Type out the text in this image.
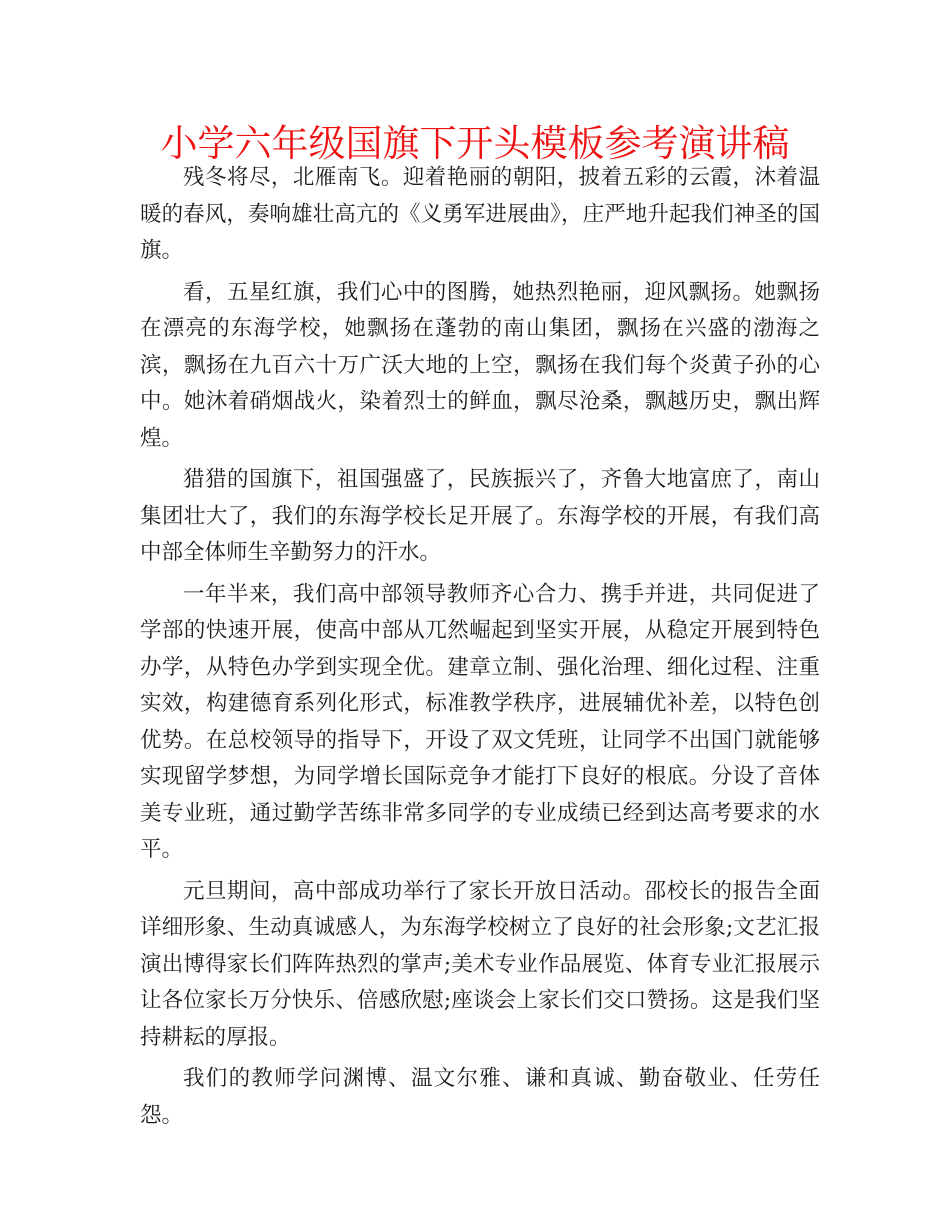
小学六年级国旗下开头模板参考演讲稿

残冬将尽，北雁南飞。迎着艳丽的朝阳，披着五彩的云霞，沐着温暖的春风，奏响雄壮高亢的《义勇军进展曲》，庄严地升起我们神圣的国旗。

看，五星红旗，我们心中的图腾，她热烈艳丽，迎风飘扬。她飘扬在漂亮的东海学校，她飘扬在蓬勃的南山集团，飘扬在兴盛的渤海之滨，飘扬在九百六十万广沃大地的上空，飘扬在我们每个炎黄子孙的心中。她沐着硝烟战火，染着烈士的鲜血，飘尽沧桑，飘越历史，飘出辉煌。

猎猎的国旗下，祖国强盛了，民族振兴了，齐鲁大地富庶了，南山集团壮大了，我们的东海学校长足开展了。东海学校的开展，有我们高中部全体师生辛勤努力的汗水。

一年半来，我们高中部领导教师齐心合力、携手并进，共同促进了学部的快速开展，使高中部从兀然崛起到坚实开展，从稳定开展到特色办学，从特色办学到实现全优。建章立制、强化治理、细化过程、注重实效，构建德育系列化形式，标准教学秩序，进展辅优补差，以特色创优势。在总校领导的指导下，开设了双文凭班，让同学不出国门就能够实现留学梦想，为同学增长国际竞争才能打下良好的根底。分设了音体美专业班，通过勤学苦练非常多同学的专业成绩已经到达高考要求的水平。

元旦期间，高中部成功举行了家长开放日活动。邵校长的报告全面详细形象、生动真诚感人，为东海学校树立了良好的社会形象;文艺汇报演出博得家长们阵阵热烈的掌声;美术专业作品展览、体育专业汇报展示让各位家长万分快乐、倍感欣慰;座谈会上家长们交口赞扬。这是我们坚持耕耘的厚报。

我们的教师学问渊博、温文尔雅、谦和真诚、勤奋敬业、任劳任怨。
